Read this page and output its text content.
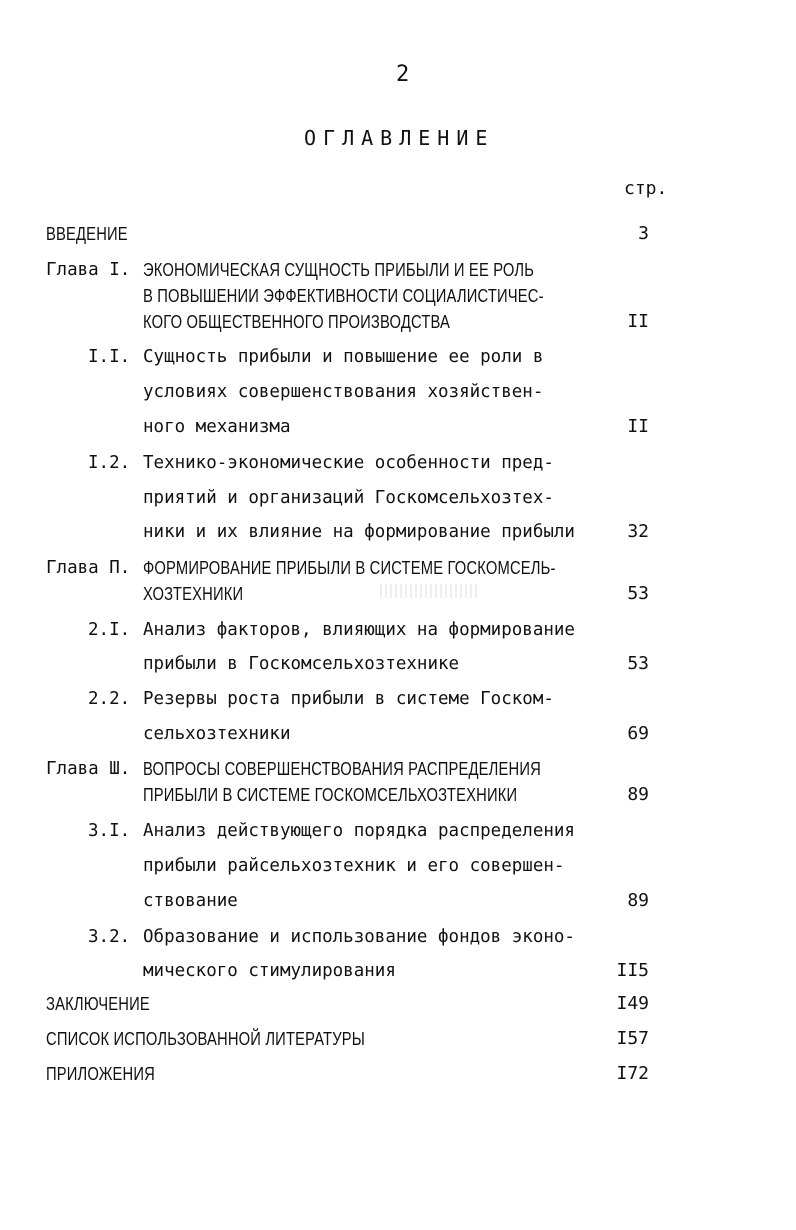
2
ОГЛАВЛЕНИЕ
стр.
ВВЕДЕНИЕ	3
Глава I. ЭКОНОМИЧЕСКАЯ СУЩНОСТЬ ПРИБЫЛИ И ЕЕ РОЛЬ
В ПОВЫШЕНИИ ЭФФЕКТИВНОСТИ СОЦИАЛИСТИЧЕС-
КОГО ОБЩЕСТВЕННОГО ПРОИЗВОДСТВА	II
I.I. Сущность прибыли и повышение ее роли в
условиях совершенствования хозяйствен-
ного механизма	II
I.2. Технико-экономические особенности пред-
приятий и организаций Госкомсельхозтех-
ники и их влияние на формирование прибыли	32
Глава П. ФОРМИРОВАНИЕ ПРИБЫЛИ В СИСТЕМЕ ГОСКОМСЕЛЬ-
ХОЗТЕХНИКИ	53
2.I. Анализ факторов, влияющих на формирование
прибыли в Госкомсельхозтехнике	53
2.2. Резервы роста прибыли в системе Госком-
сельхозтехники	69
Глава Ш. ВОПРОСЫ СОВЕРШЕНСТВОВАНИЯ РАСПРЕДЕЛЕНИЯ
ПРИБЫЛИ В СИСТЕМЕ ГОСКОМСЕЛЬХОЗТЕХНИКИ	89
3.I. Анализ действующего порядка распределения
прибыли райсельхозтехник и его совершен-
ствование	89
3.2. Образование и использование фондов эконо-
мического стимулирования	II5
ЗАКЛЮЧЕНИЕ	I49
СПИСОК ИСПОЛЬЗОВАННОЙ ЛИТЕРАТУРЫ	I57
ПРИЛОЖЕНИЯ	I72
